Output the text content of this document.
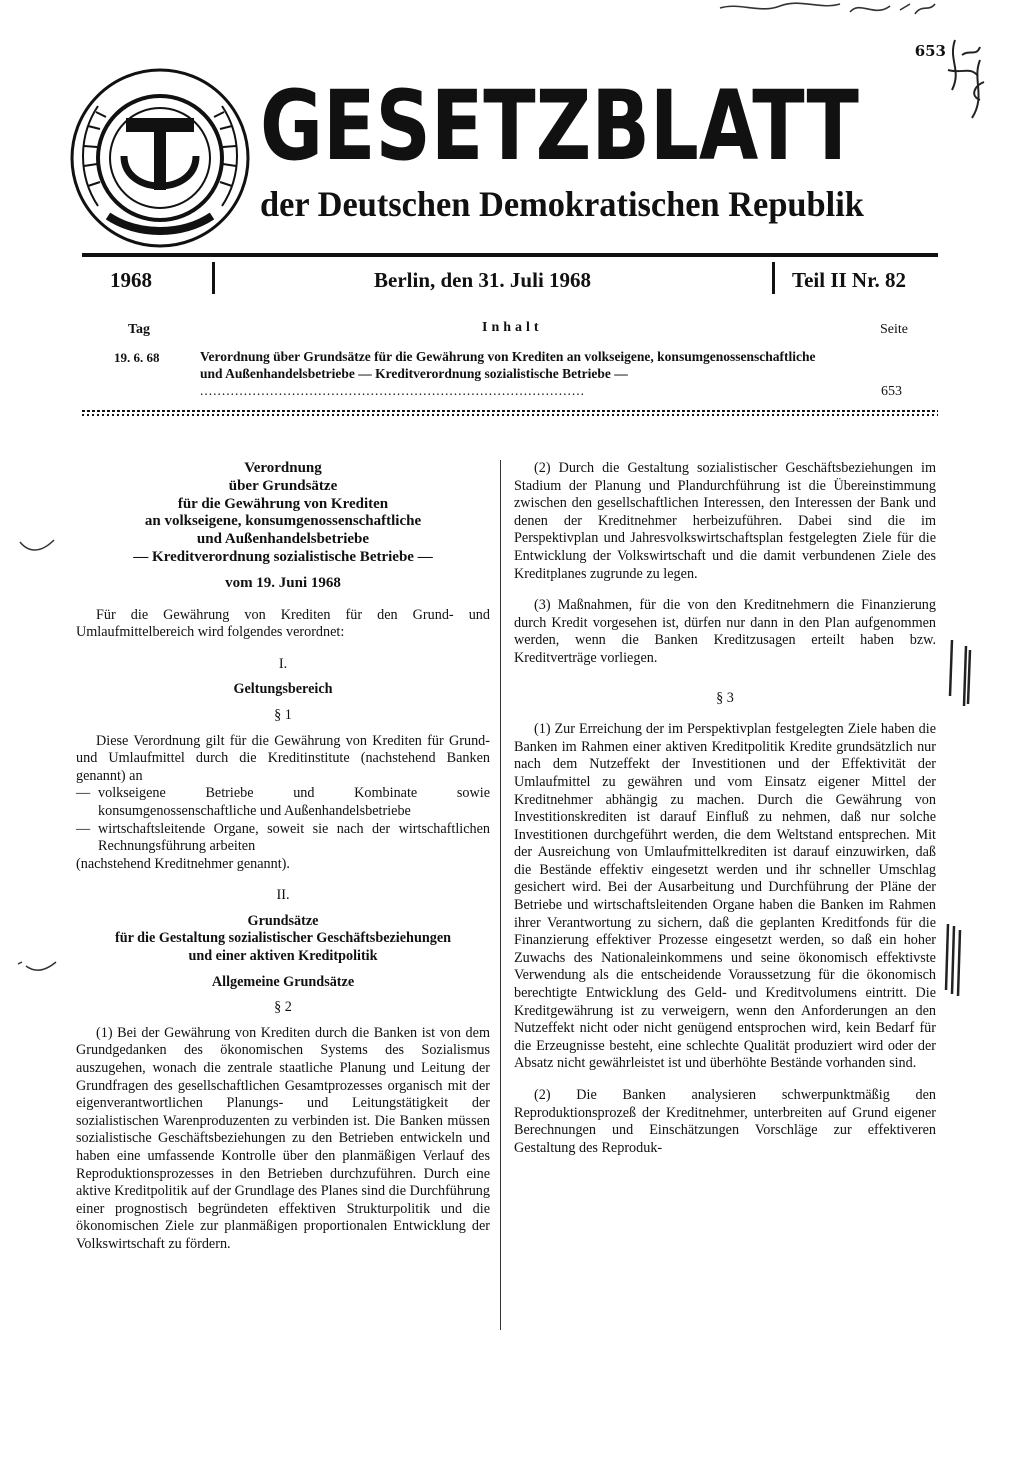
653
GESETZBLATT
der Deutschen Demokratischen Republik
1968	Berlin, den 31. Juli 1968	Teil II Nr. 82
Tag	Inhalt	Seite
19. 6. 68	Verordnung über Grundsätze für die Gewährung von Krediten an volkseigene, konsumgenossenschaftliche und Außenhandelsbetriebe — Kreditverordnung sozialistische Betriebe — ........................................................................................	653
Verordnung
über Grundsätze
für die Gewährung von Krediten
an volkseigene, konsumgenossenschaftliche
und Außenhandelsbetriebe
— Kreditverordnung sozialistische Betriebe —
vom 19. Juni 1968

Für die Gewährung von Krediten für den Grund- und Umlaufmittelbereich wird folgendes verordnet:

I.
Geltungsbereich
§ 1

Diese Verordnung gilt für die Gewährung von Krediten für Grund- und Umlaufmittel durch die Kreditinstitute (nachstehend Banken genannt) an

— volkseigene Betriebe und Kombinate sowie konsumgenossenschaftliche und Außenhandelsbetriebe
— wirtschaftsleitende Organe, soweit sie nach der wirtschaftlichen Rechnungsführung arbeiten
(nachstehend Kreditnehmer genannt).
II.
Grundsätze
für die Gestaltung sozialistischer Geschäftsbeziehungen
und einer aktiven Kreditpolitik
Allgemeine Grundsätze
§ 2

(1) Bei der Gewährung von Krediten durch die Banken ist von dem Grundgedanken des ökonomischen Systems des Sozialismus auszugehen, wonach die zentrale staatliche Planung und Leitung der Grundfragen des gesellschaftlichen Gesamtprozesses organisch mit der eigenverantwortlichen Planungs- und Leitungstätigkeit der sozialistischen Warenproduzenten zu verbinden ist. Die Banken müssen sozialistische Geschäftsbeziehungen zu den Betrieben entwickeln und haben eine umfassende Kontrolle über den planmäßigen Verlauf des Reproduktionsprozesses in den Betrieben durchzuführen. Durch eine aktive Kreditpolitik auf der Grundlage des Planes sind die Durchführung einer prognostisch begründeten effektiven Strukturpolitik und die ökonomischen Ziele zur planmäßigen proportionalen Entwicklung der Volkswirtschaft zu fördern.

(2) Durch die Gestaltung sozialistischer Geschäftsbeziehungen im Stadium der Planung und Plandurchführung ist die Übereinstimmung zwischen den gesellschaftlichen Interessen, den Interessen der Bank und denen der Kreditnehmer herbeizuführen. Dabei sind die im Perspektivplan und Jahresvolkswirtschaftsplan festgelegten Ziele für die Entwicklung der Volkswirtschaft und die damit verbundenen Ziele des Kreditplanes zugrunde zu legen.

(3) Maßnahmen, für die von den Kreditnehmern die Finanzierung durch Kredit vorgesehen ist, dürfen nur dann in den Plan aufgenommen werden, wenn die Banken Kreditzusagen erteilt haben bzw. Kreditverträge vorliegen.

§ 3

(1) Zur Erreichung der im Perspektivplan festgelegten Ziele haben die Banken im Rahmen einer aktiven Kreditpolitik Kredite grundsätzlich nur nach dem Nutzeffekt der Investitionen und der Effektivität der Umlaufmittel zu gewähren und vom Einsatz eigener Mittel der Kreditnehmer abhängig zu machen. Durch die Gewährung von Investitionskrediten ist darauf Einfluß zu nehmen, daß nur solche Investitionen durchgeführt werden, die dem Weltstand entsprechen. Mit der Ausreichung von Umlaufmittelkrediten ist darauf einzuwirken, daß die Bestände effektiv eingesetzt werden und ihr schneller Umschlag gesichert wird. Bei der Ausarbeitung und Durchführung der Pläne der Betriebe und wirtschaftsleitenden Organe haben die Banken im Rahmen ihrer Verantwortung zu sichern, daß die geplanten Kreditfonds für die Finanzierung effektiver Prozesse eingesetzt werden, so daß ein hoher Zuwachs des Nationaleinkommens und seine ökonomisch effektivste Verwendung als die entscheidende Voraussetzung für die ökonomisch berechtigte Entwicklung des Geld- und Kreditvolumens eintritt. Die Kreditgewährung ist zu verweigern, wenn den Anforderungen an den Nutzeffekt nicht oder nicht genügend entsprochen wird, kein Bedarf für die Erzeugnisse besteht, eine schlechte Qualität produziert wird oder der Absatz nicht gewährleistet ist und überhöhte Bestände vorhanden sind.

(2) Die Banken analysieren schwerpunktmäßig den Reproduktionsprozeß der Kreditnehmer, unterbreiten auf Grund eigener Berechnungen und Einschätzungen Vorschläge zur effektiveren Gestaltung des Reproduk-
